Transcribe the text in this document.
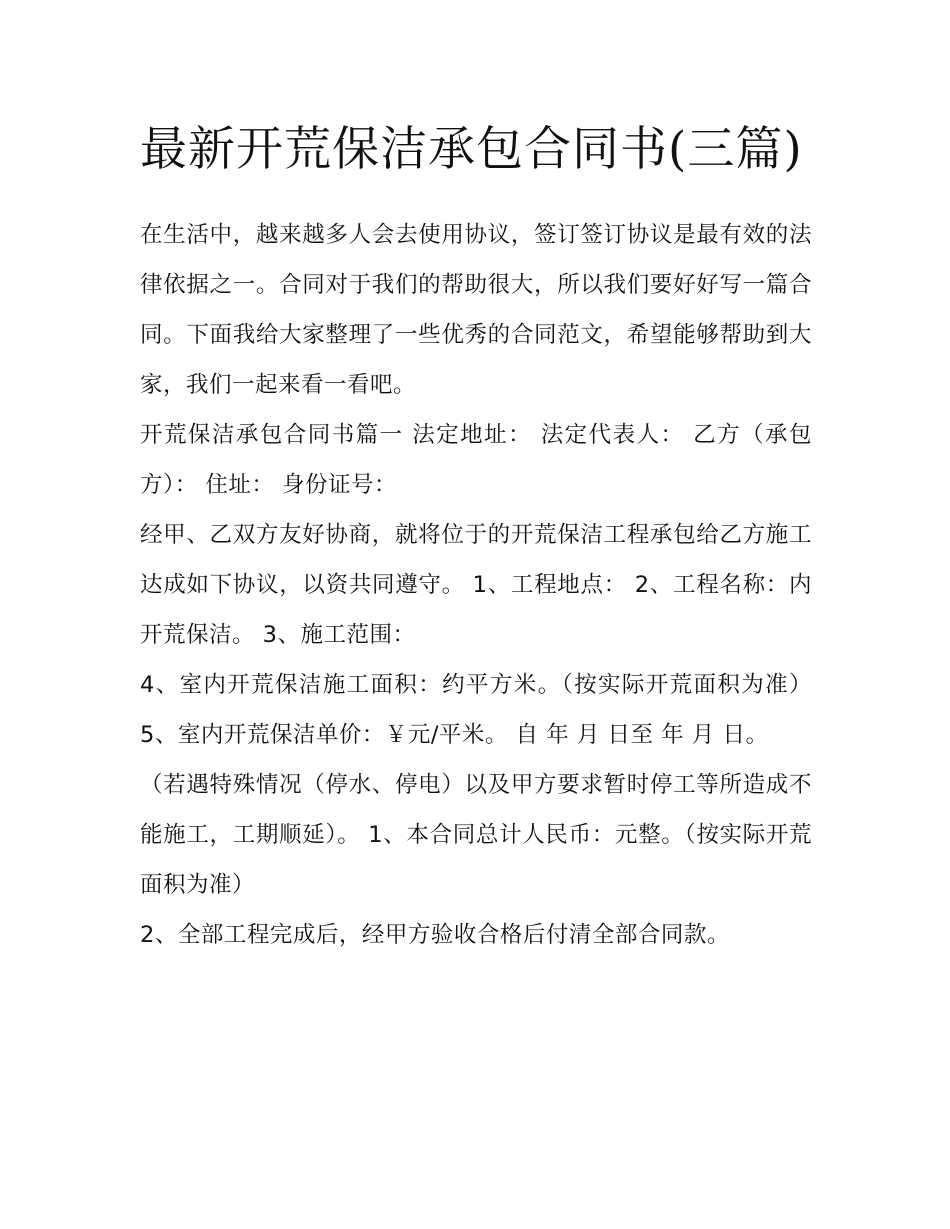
最新开荒保洁承包合同书(三篇)

在生活中，越来越多人会去使用协议，签订签订协议是最有效的法律依据之一。合同对于我们的帮助很大，所以我们要好好写一篇合同。下面我给大家整理了一些优秀的合同范文，希望能够帮助到大家，我们一起来看一看吧。

开荒保洁承包合同书篇一 法定地址： 法定代表人： 乙方（承包方）： 住址： 身份证号：

经甲、乙双方友好协商，就将位于的开荒保洁工程承包给乙方施工达成如下协议，以资共同遵守。 1、工程地点： 2、工程名称：内开荒保洁。 3、施工范围：

4、室内开荒保洁施工面积：约平方米。（按实际开荒面积为准） 5、室内开荒保洁单价：￥元/平米。 自 年 月 日至 年 月 日。

（若遇特殊情况（停水、停电）以及甲方要求暂时停工等所造成不能施工，工期顺延）。 1、本合同总计人民币：元整。（按实际开荒面积为准）

2、全部工程完成后，经甲方验收合格后付清全部合同款。
